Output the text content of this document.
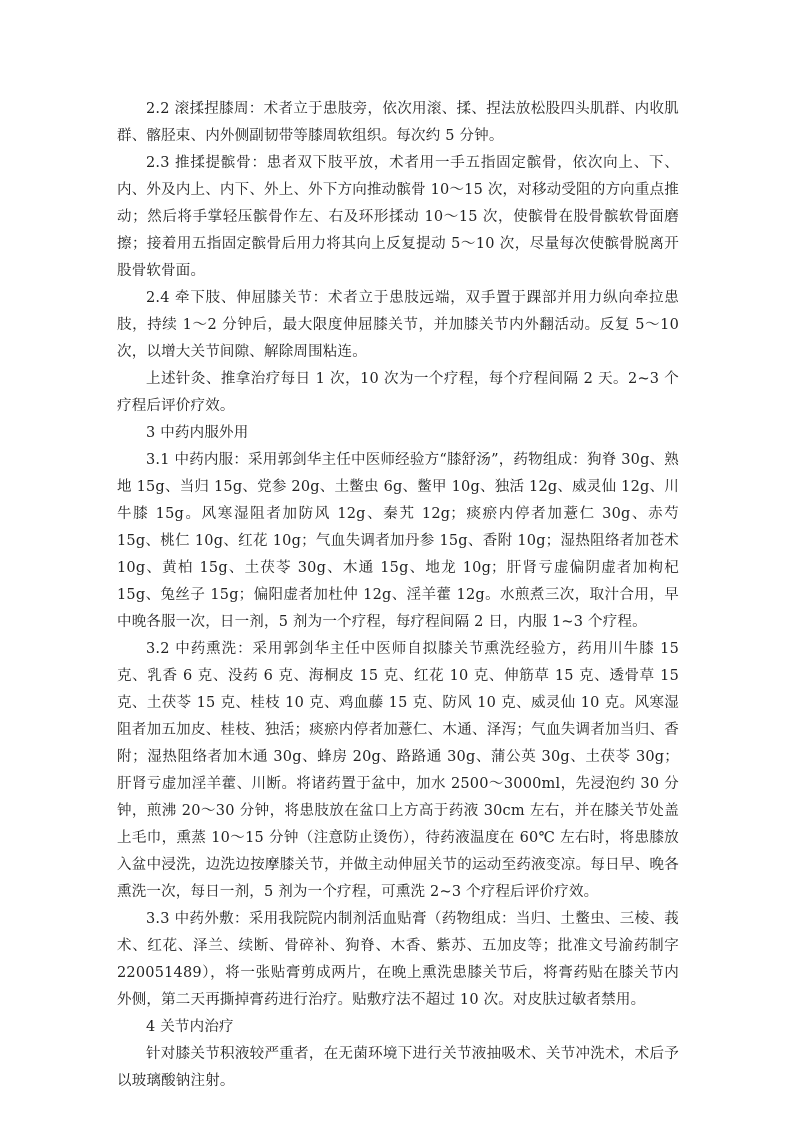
2.2 滚揉捏膝周：术者立于患肢旁，依次用滚、揉、捏法放松股四头肌群、内收肌群、髂胫束、内外侧副韧带等膝周软组织。每次约 5 分钟。

2.3 推揉提髌骨：患者双下肢平放，术者用一手五指固定髌骨，依次向上、下、内、外及内上、内下、外上、外下方向推动髌骨 10～15 次，对移动受阻的方向重点推动；然后将手掌轻压髌骨作左、右及环形揉动 10～15 次，使髌骨在股骨髌软骨面磨擦；接着用五指固定髌骨后用力将其向上反复提动 5～10 次，尽量每次使髌骨脱离开股骨软骨面。

2.4 牵下肢、伸屈膝关节：术者立于患肢远端，双手置于踝部并用力纵向牵拉患肢，持续 1～2 分钟后，最大限度伸屈膝关节，并加膝关节内外翻活动。反复 5～10 次，以增大关节间隙、解除周围粘连。

上述针灸、推拿治疗每日 1 次，10 次为一个疗程，每个疗程间隔 2 天。2~3 个疗程后评价疗效。

3 中药内服外用

3.1 中药内服：采用郭剑华主任中医师经验方“膝舒汤”，药物组成：狗脊 30g、熟地 15g、当归 15g、党参 20g、土鳖虫 6g、鳖甲 10g、独活 12g、威灵仙 12g、川牛膝 15g。风寒湿阻者加防风 12g、秦艽 12g；痰瘀内停者加薏仁 30g、赤芍 15g、桃仁 10g、红花 10g；气血失调者加丹参 15g、香附 10g；湿热阻络者加苍术 10g、黄柏 15g、土茯苓 30g、木通 15g、地龙 10g；肝肾亏虚偏阴虚者加枸杞 15g、兔丝子 15g；偏阳虚者加杜仲 12g、淫羊藿 12g。水煎煮三次，取汁合用，早中晚各服一次，日一剂，5 剂为一个疗程，每疗程间隔 2 日，内服 1~3 个疗程。

3.2 中药熏洗：采用郭剑华主任中医师自拟膝关节熏洗经验方，药用川牛膝 15 克、乳香 6 克、没药 6 克、海桐皮 15 克、红花 10 克、伸筋草 15 克、透骨草 15 克、土茯苓 15 克、桂枝 10 克、鸡血藤 15 克、防风 10 克、威灵仙 10 克。风寒湿阻者加五加皮、桂枝、独活；痰瘀内停者加薏仁、木通、泽泻；气血失调者加当归、香附；湿热阻络者加木通 30g、蜂房 20g、路路通 30g、蒲公英 30g、土茯苓 30g；肝肾亏虚加淫羊藿、川断。将诸药置于盆中，加水 2500～3000ml，先浸泡约 30 分钟，煎沸 20～30 分钟，将患肢放在盆口上方高于药液 30cm 左右，并在膝关节处盖上毛巾，熏蒸 10～15 分钟（注意防止烫伤），待药液温度在 60℃ 左右时，将患膝放入盆中浸洗，边洗边按摩膝关节，并做主动伸屈关节的运动至药液变凉。每日早、晚各熏洗一次，每日一剂，5 剂为一个疗程，可熏洗 2~3 个疗程后评价疗效。

3.3 中药外敷：采用我院院内制剂活血贴膏（药物组成：当归、土鳖虫、三棱、莪术、红花、泽兰、续断、骨碎补、狗脊、木香、紫苏、五加皮等；批准文号渝药制字 220051489），将一张贴膏剪成两片，在晚上熏洗患膝关节后，将膏药贴在膝关节内外侧，第二天再撕掉膏药进行治疗。贴敷疗法不超过 10 次。对皮肤过敏者禁用。

4 关节内治疗

针对膝关节积液较严重者，在无菌环境下进行关节液抽吸术、关节冲洗术，术后予以玻璃酸钠注射。
